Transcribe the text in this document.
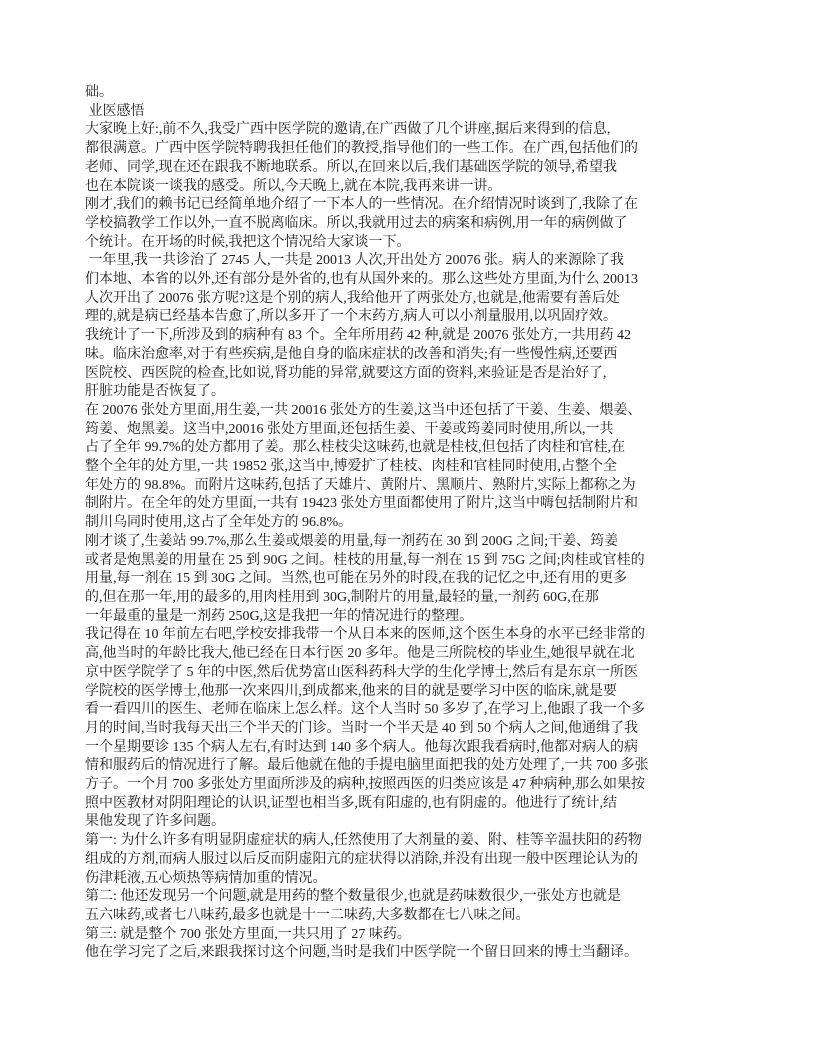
础。
业医感悟
大家晚上好:,前不久,我受广西中医学院的邀请,在广西做了几个讲座,据后来得到的信息,
都很满意。广西中医学院特聘我担任他们的教授,指导他们的一些工作。在广西,包括他们的
老师、同学,现在还在跟我不断地联系。所以,在回来以后,我们基础医学院的领导,希望我
也在本院谈一谈我的感受。所以,今天晚上,就在本院,我再来讲一讲。
刚才,我们的赖书记已经简单地介绍了一下本人的一些情况。在介绍情况时谈到了,我除了在
学校搞教学工作以外,一直不脱离临床。所以,我就用过去的病案和病例,用一年的病例做了
个统计。在开场的时候,我把这个情况给大家谈一下。
一年里,我一共诊治了 2745 人,一共是 20013 人次,开出处方 20076 张。病人的来源除了我
们本地、本省的以外,还有部分是外省的,也有从国外来的。那么这些处方里面,为什么 20013
人次开出了 20076 张方呢?这是个别的病人,我给他开了两张处方,也就是,他需要有善后处
理的,就是病已经基本告愈了,所以多开了一个末药方,病人可以小剂量服用,以巩固疗效。
我统计了一下,所涉及到的病种有 83 个。全年所用药 42 种,就是 20076 张处方,一共用药 42
味。临床治愈率,对于有些疾病,是他自身的临床症状的改善和消失;有一些慢性病,还要西
医院校、西医院的检查,比如说,肾功能的异常,就要这方面的资料,来验证是否是治好了,
肝脏功能是否恢复了。
在 20076 张处方里面,用生姜,一共 20016 张处方的生姜,这当中还包括了干姜、生姜、煨姜、
筠姜、炮黑姜。这当中,20016 张处方里面,还包括生姜、干姜或筠姜同时使用,所以,一共
占了全年 99.7%的处方都用了姜。那么桂枝尖这味药,也就是桂枝,但包括了肉桂和官桂,在
整个全年的处方里,一共 19852 张,这当中,博爱扩了桂枝、肉桂和官桂同时使用,占整个全
年处方的 98.8%。而附片这味药,包括了天雄片、黄附片、黑顺片、熟附片,实际上都称之为
制附片。在全年的处方里面,一共有 19423 张处方里面都使用了附片,这当中嗨包括制附片和
制川乌同时使用,这占了全年处方的 96.8%。
刚才谈了,生姜站 99.7%,那么生姜或煨姜的用量,每一剂药在 30 到 200G 之间;干姜、筠姜
或者是炮黑姜的用量在 25 到 90G 之间。桂枝的用量,每一剂在 15 到 75G 之间;肉桂或官桂的
用量,每一剂在 15 到 30G 之间。当然,也可能在另外的时段,在我的记忆之中,还有用的更多
的,但在那一年,用的最多的,用肉桂用到 30G,制附片的用量,最轻的量,一剂药 60G,在那
一年最重的量是一剂药 250G,这是我把一年的情况进行的整理。
我记得在 10 年前左右吧,学校安排我带一个从日本来的医师,这个医生本身的水平已经非常的
高,他当时的年龄比我大,他已经在日本行医 20 多年。他是三所院校的毕业生,她很早就在北
京中医学院学了 5 年的中医,然后优势富山医科药科大学的生化学博士,然后有是东京一所医
学院校的医学博士,他那一次来四川,到成都来,他来的目的就是要学习中医的临床,就是要
看一看四川的医生、老师在临床上怎么样。这个人当时 50 多岁了,在学习上,他跟了我一个多
月的时间,当时我每天出三个半天的门诊。当时一个半天是 40 到 50 个病人之间,他通缉了我
一个星期要诊 135 个病人左右,有时达到 140 多个病人。他每次跟我看病时,他都对病人的病
情和服药后的情况进行了解。最后他就在他的手提电脑里面把我的处方处理了,一共 700 多张
方子。一个月 700 多张处方里面所涉及的病种,按照西医的归类应该是 47 种病种,那么如果按
照中医教材对阴阳理论的认识,证型也相当多,既有阳虚的,也有阴虚的。他进行了统计,结
果他发现了许多问题。
第一: 为什么许多有明显阴虚症状的病人,任然使用了大剂量的姜、附、桂等辛温扶阳的药物
组成的方剂,而病人服过以后反而阴虚阳亢的症状得以消除,并没有出现一般中医理论认为的
伤津耗液,五心烦热等病情加重的情况。
第二: 他还发现另一个问题,就是用药的整个数量很少,也就是药味数很少,一张处方也就是
五六味药,或者七八味药,最多也就是十一二味药,大多数都在七八味之间。
第三: 就是整个 700 张处方里面,一共只用了 27 味药。
他在学习完了之后,来跟我探讨这个问题,当时是我们中医学院一个留日回来的博士当翻译。
